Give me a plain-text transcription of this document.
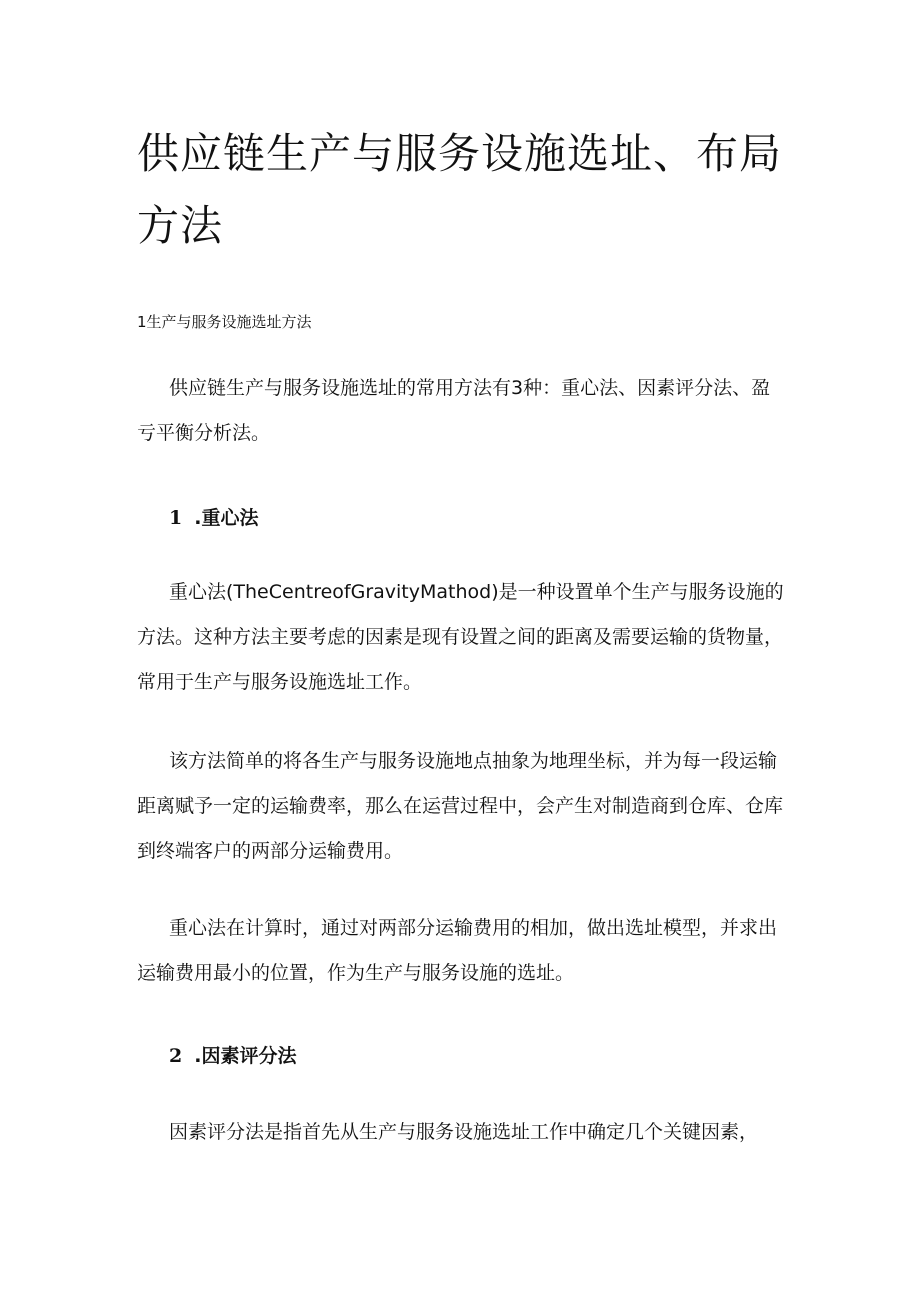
供应链生产与服务设施选址、布局方法

1生产与服务设施选址方法

供应链生产与服务设施选址的常用方法有3种：重心法、因素评分法、盈亏平衡分析法。

1 .重心法

重心法(TheCentreofGravityMathod)是一种设置单个生产与服务设施的方法。这种方法主要考虑的因素是现有设置之间的距离及需要运输的货物量，常用于生产与服务设施选址工作。

该方法简单的将各生产与服务设施地点抽象为地理坐标，并为每一段运输距离赋予一定的运输费率，那么在运营过程中，会产生对制造商到仓库、仓库到终端客户的两部分运输费用。

重心法在计算时，通过对两部分运输费用的相加，做出选址模型，并求出运输费用最小的位置，作为生产与服务设施的选址。

2 .因素评分法

因素评分法是指首先从生产与服务设施选址工作中确定几个关键因素，
